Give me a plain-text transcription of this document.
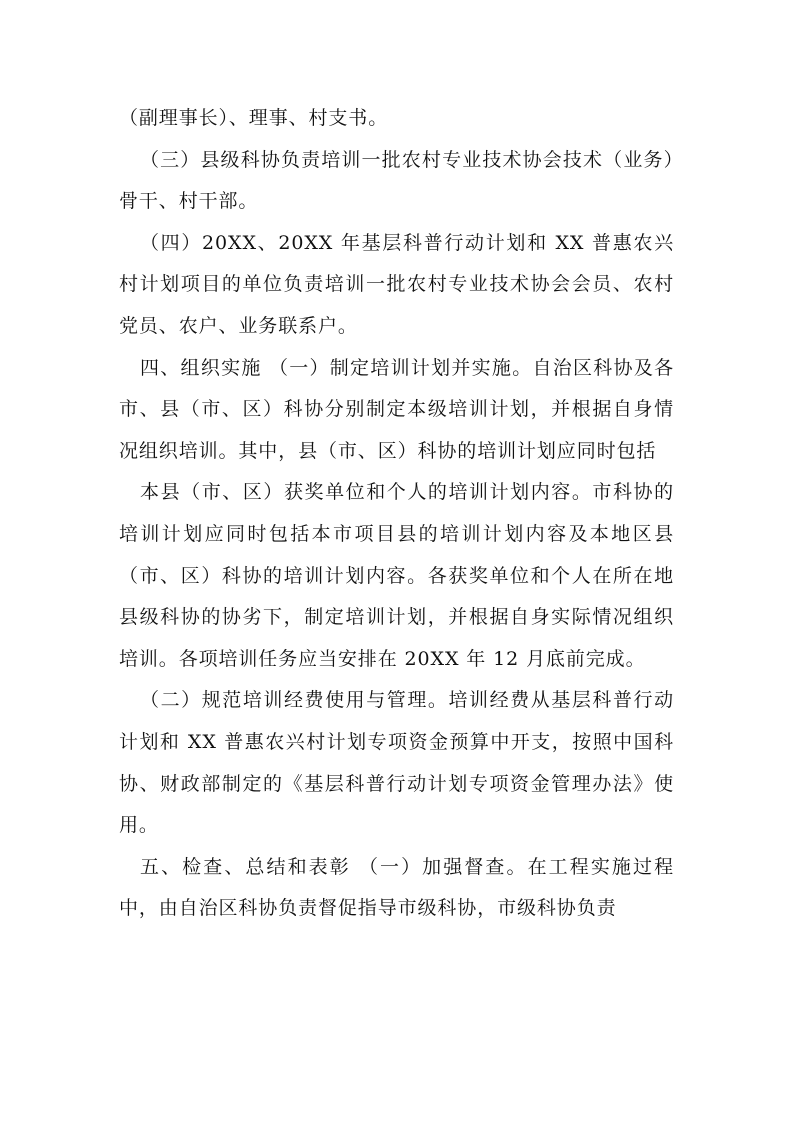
（副理事长）、理事、村支书。

（三）县级科协负责培训一批农村专业技术协会技术（业务）骨干、村干部。

（四）20XX、20XX 年基层科普行动计划和 XX 普惠农兴村计划项目的单位负责培训一批农村专业技术协会会员、农村党员、农户、业务联系户。

四、组织实施 （一）制定培训计划并实施。自治区科协及各市、县（市、区）科协分别制定本级培训计划，并根据自身情况组织培训。其中，县（市、区）科协的培训计划应同时包括

本县（市、区）获奖单位和个人的培训计划内容。市科协的培训计划应同时包括本市项目县的培训计划内容及本地区县（市、区）科协的培训计划内容。各获奖单位和个人在所在地县级科协的协劣下，制定培训计划，并根据自身实际情况组织培训。各项培训任务应当安排在 20XX 年 12 月底前完成。

（二）规范培训经费使用与管理。培训经费从基层科普行动计划和 XX 普惠农兴村计划专项资金预算中开支，按照中国科协、财政部制定的《基层科普行动计划专项资金管理办法》使用。

五、检查、总结和表彰 （一）加强督查。在工程实施过程中，由自治区科协负责督促指导市级科协，市级科协负责
